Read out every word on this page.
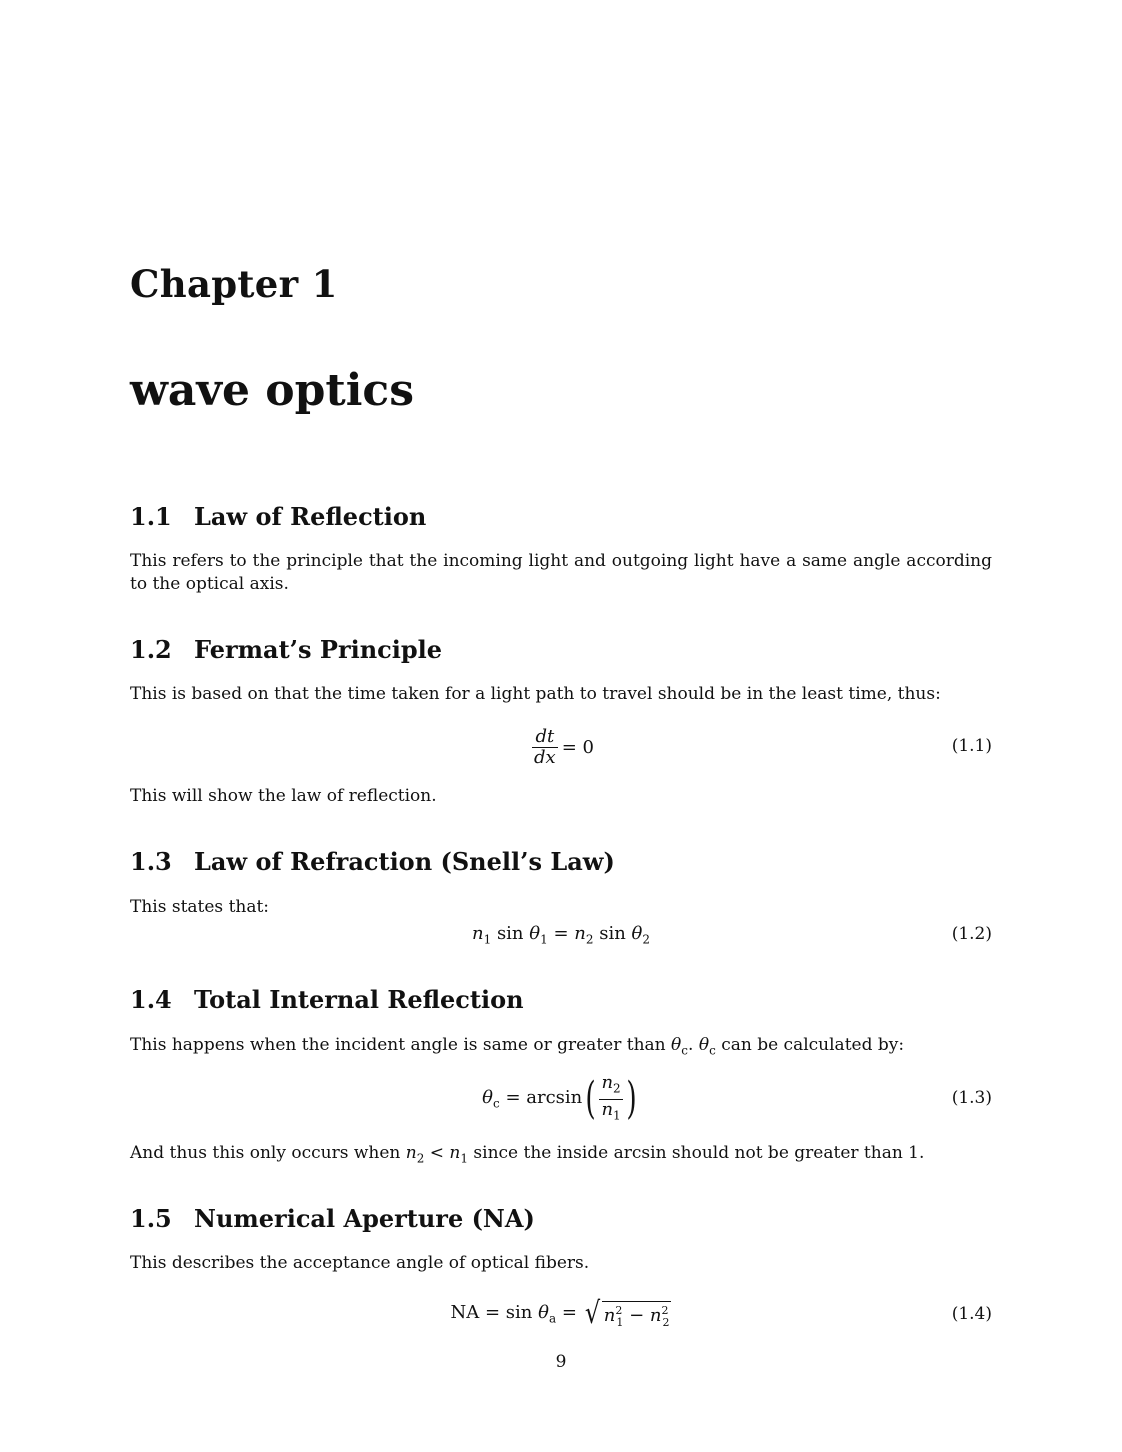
Chapter 1
wave optics
1.1 Law of Reflection
This refers to the principle that the incoming light and outgoing light have a same angle according to the optical axis.
1.2 Fermat’s Principle
This is based on that the time taken for a light path to travel should be in the least time, thus:
$\frac{dt}{dx} = 0$	(1.1)
This will show the law of reflection.
1.3 Law of Refraction (Snell’s Law)
This states that:
$n_1$ $\sin \theta_1 = n_2$ $\sin \theta_2$	(1.2)
1.4 Total Internal Reflection
This happens when the incident angle is same or greater than $\theta_c$. $\theta_c$ can be calculated by:
$\theta_c = \arcsin$ ( $\frac{n_2}{n_1}$ )	(1.3)
And thus this only occurs when $n_2 < n_1$ since the inside arcsin should not be greater than 1.
1.5 Numerical Aperture (NA)
This describes the acceptance angle of optical fibers.
NA = $\sin \theta_a$ = √ $n^2_1 - n^2_2$	(1.4)
9
